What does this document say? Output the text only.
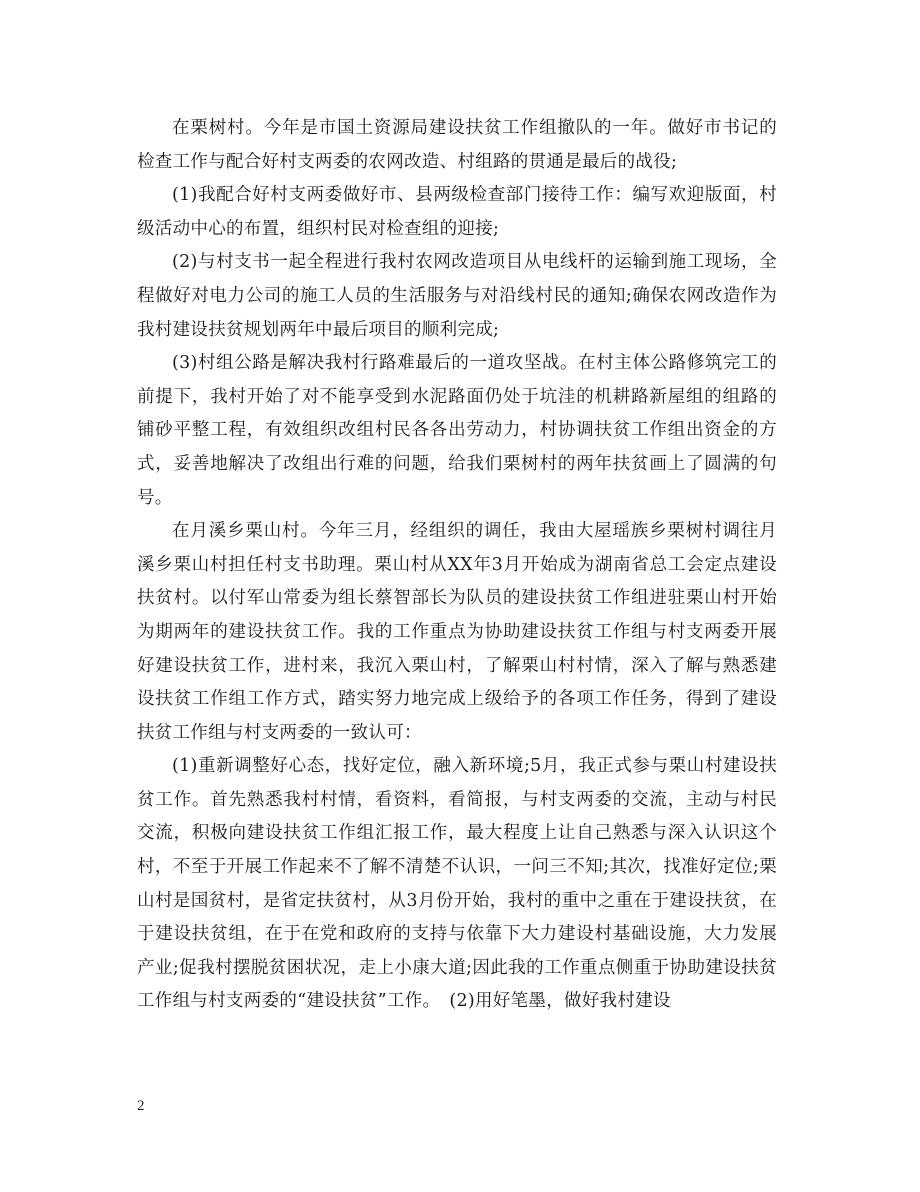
在栗树村。今年是市国土资源局建设扶贫工作组撤队的一年。做好市书记的检查工作与配合好村支两委的农网改造、村组路的贯通是最后的战役;

(1)我配合好村支两委做好市、县两级检查部门接待工作：编写欢迎版面，村级活动中心的布置，组织村民对检查组的迎接;

(2)与村支书一起全程进行我村农网改造项目从电线杆的运输到施工现场，全程做好对电力公司的施工人员的生活服务与对沿线村民的通知;确保农网改造作为我村建设扶贫规划两年中最后项目的顺利完成;

(3)村组公路是解决我村行路难最后的一道攻坚战。在村主体公路修筑完工的前提下，我村开始了对不能享受到水泥路面仍处于坑洼的机耕路新屋组的组路的铺砂平整工程，有效组织改组村民各各出劳动力，村协调扶贫工作组出资金的方式，妥善地解决了改组出行难的问题，给我们栗树村的两年扶贫画上了圆满的句号。

在月溪乡栗山村。今年三月，经组织的调任，我由大屋瑶族乡栗树村调往月溪乡栗山村担任村支书助理。栗山村从XX年3月开始成为湖南省总工会定点建设扶贫村。以付军山常委为组长蔡智部长为队员的建设扶贫工作组进驻栗山村开始为期两年的建设扶贫工作。我的工作重点为协助建设扶贫工作组与村支两委开展好建设扶贫工作，进村来，我沉入栗山村，了解栗山村村情，深入了解与熟悉建设扶贫工作组工作方式，踏实努力地完成上级给予的各项工作任务，得到了建设扶贫工作组与村支两委的一致认可：

(1)重新调整好心态，找好定位，融入新环境;5月，我正式参与栗山村建设扶贫工作。首先熟悉我村村情，看资料，看简报，与村支两委的交流，主动与村民交流，积极向建设扶贫工作组汇报工作，最大程度上让自己熟悉与深入认识这个村，不至于开展工作起来不了解不清楚不认识，一问三不知;其次，找准好定位;栗山村是国贫村，是省定扶贫村，从3月份开始，我村的重中之重在于建设扶贫，在于建设扶贫组，在于在党和政府的支持与依靠下大力建设村基础设施，大力发展产业;促我村摆脱贫困状况，走上小康大道;因此我的工作重点侧重于协助建设扶贫工作组与村支两委的“建设扶贫”工作。　(2)用好笔墨，做好我村建设

2
